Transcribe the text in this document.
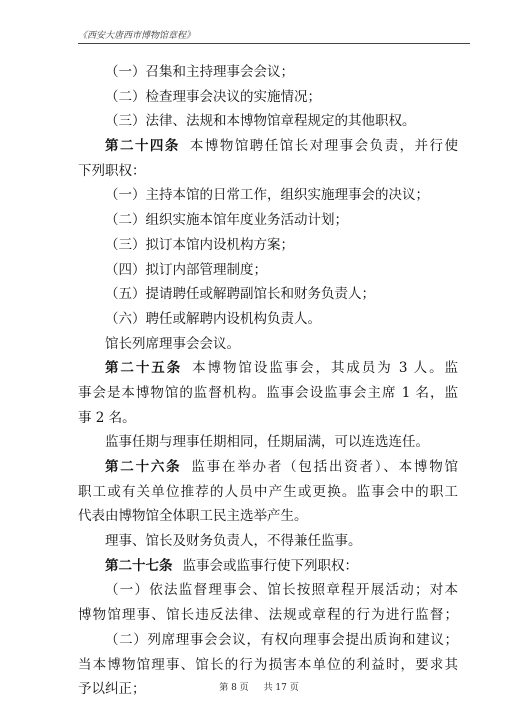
《西安大唐西市博物馆章程》
（一）召集和主持理事会会议；
（二）检查理事会决议的实施情况；
（三）法律、法规和本博物馆章程规定的其他职权。
第二十四条 本博物馆聘任馆长对理事会负责，并行使
下列职权：
（一）主持本馆的日常工作，组织实施理事会的决议；
（二）组织实施本馆年度业务活动计划；
（三）拟订本馆内设机构方案；
（四）拟订内部管理制度；
（五）提请聘任或解聘副馆长和财务负责人；
（六）聘任或解聘内设机构负责人。
馆长列席理事会会议。
第二十五条 本博物馆设监事会，其成员为 3 人。监
事会是本博物馆的监督机构。监事会设监事会主席 1 名，监
事 2 名。
监事任期与理事任期相同，任期届满，可以连选连任。
第二十六条 监事在举办者（包括出资者）、本博物馆
职工或有关单位推荐的人员中产生或更换。监事会中的职工
代表由博物馆全体职工民主选举产生。
理事、馆长及财务负责人，不得兼任监事。
第二十七条 监事会或监事行使下列职权：
（一）依法监督理事会、馆长按照章程开展活动；对本
博物馆理事、馆长违反法律、法规或章程的行为进行监督；
（二）列席理事会会议，有权向理事会提出质询和建议；
当本博物馆理事、馆长的行为损害本单位的利益时，要求其
予以纠正；	第 8 页 共 17 页
